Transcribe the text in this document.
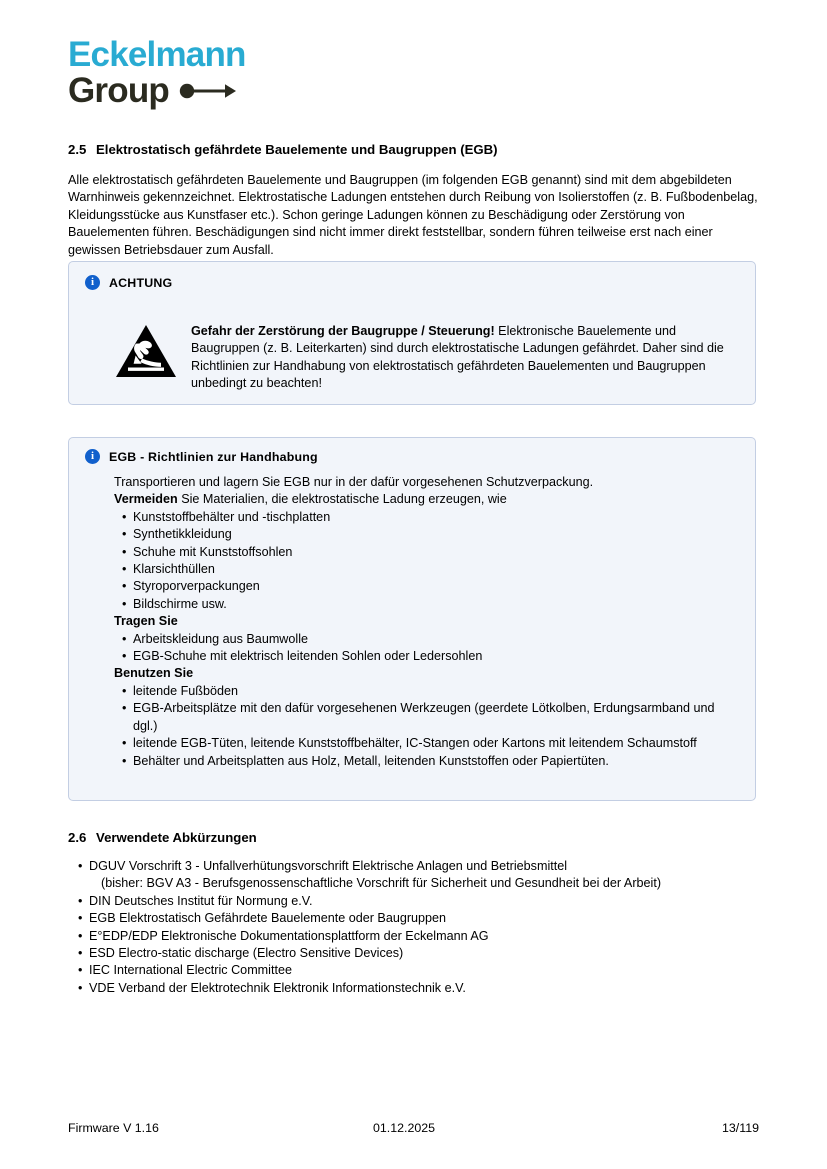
Eckelmann
Group
2.5 Elektrostatisch gefährdete Bauelemente und Baugruppen (EGB)
Alle elektrostatisch gefährdeten Bauelemente und Baugruppen (im folgenden EGB genannt) sind mit dem abgebildeten Warnhinweis gekennzeichnet. Elektrostatische Ladungen entstehen durch Reibung von Isolierstoffen (z. B. Fußbodenbelag, Kleidungsstücke aus Kunstfaser etc.). Schon geringe Ladungen können zu Beschädigung oder Zerstörung von Bauelementen führen. Beschädigungen sind nicht immer direkt feststellbar, sondern führen teilweise erst nach einer gewissen Betriebsdauer zum Ausfall.
i	ACHTUNG
Gefahr der Zerstörung der Baugruppe / Steuerung! Elektronische Bauelemente und Baugruppen (z. B. Leiterkarten) sind durch elektrostatische Ladungen gefährdet. Daher sind die Richtlinien zur Handhabung von elektrostatisch gefährdeten Bauelementen und Baugruppen unbedingt zu beachten!
i	EGB - Richtlinien zur Handhabung
Transportieren und lagern Sie EGB nur in der dafür vorgesehenen Schutzverpackung.
Vermeiden Sie Materialien, die elektrostatische Ladung erzeugen, wie
• Kunststoffbehälter und -tischplatten
• Synthetikkleidung
• Schuhe mit Kunststoffsohlen
• Klarsichthüllen
• Styroporverpackungen
• Bildschirme usw.
Tragen Sie
• Arbeitskleidung aus Baumwolle
• EGB-Schuhe mit elektrisch leitenden Sohlen oder Ledersohlen
Benutzen Sie
• leitende Fußböden
• EGB-Arbeitsplätze mit den dafür vorgesehenen Werkzeugen (geerdete Lötkolben, Erdungsarmband und dgl.)
• leitende EGB-Tüten, leitende Kunststoffbehälter, IC-Stangen oder Kartons mit leitendem Schaumstoff
• Behälter und Arbeitsplatten aus Holz, Metall, leitenden Kunststoffen oder Papiertüten.
2.6 Verwendete Abkürzungen
• DGUV Vorschrift 3 - Unfallverhütungsvorschrift Elektrische Anlagen und Betriebsmittel
(bisher: BGV A3 - Berufsgenossenschaftliche Vorschrift für Sicherheit und Gesundheit bei der Arbeit)
• DIN Deutsches Institut für Normung e.V.
• EGB Elektrostatisch Gefährdete Bauelemente oder Baugruppen
• E°EDP/EDP Elektronische Dokumentationsplattform der Eckelmann AG
• ESD Electro-static discharge (Electro Sensitive Devices)
• IEC International Electric Committee
• VDE Verband der Elektrotechnik Elektronik Informationstechnik e.V.
Firmware V 1.16	01.12.2025	13/119
